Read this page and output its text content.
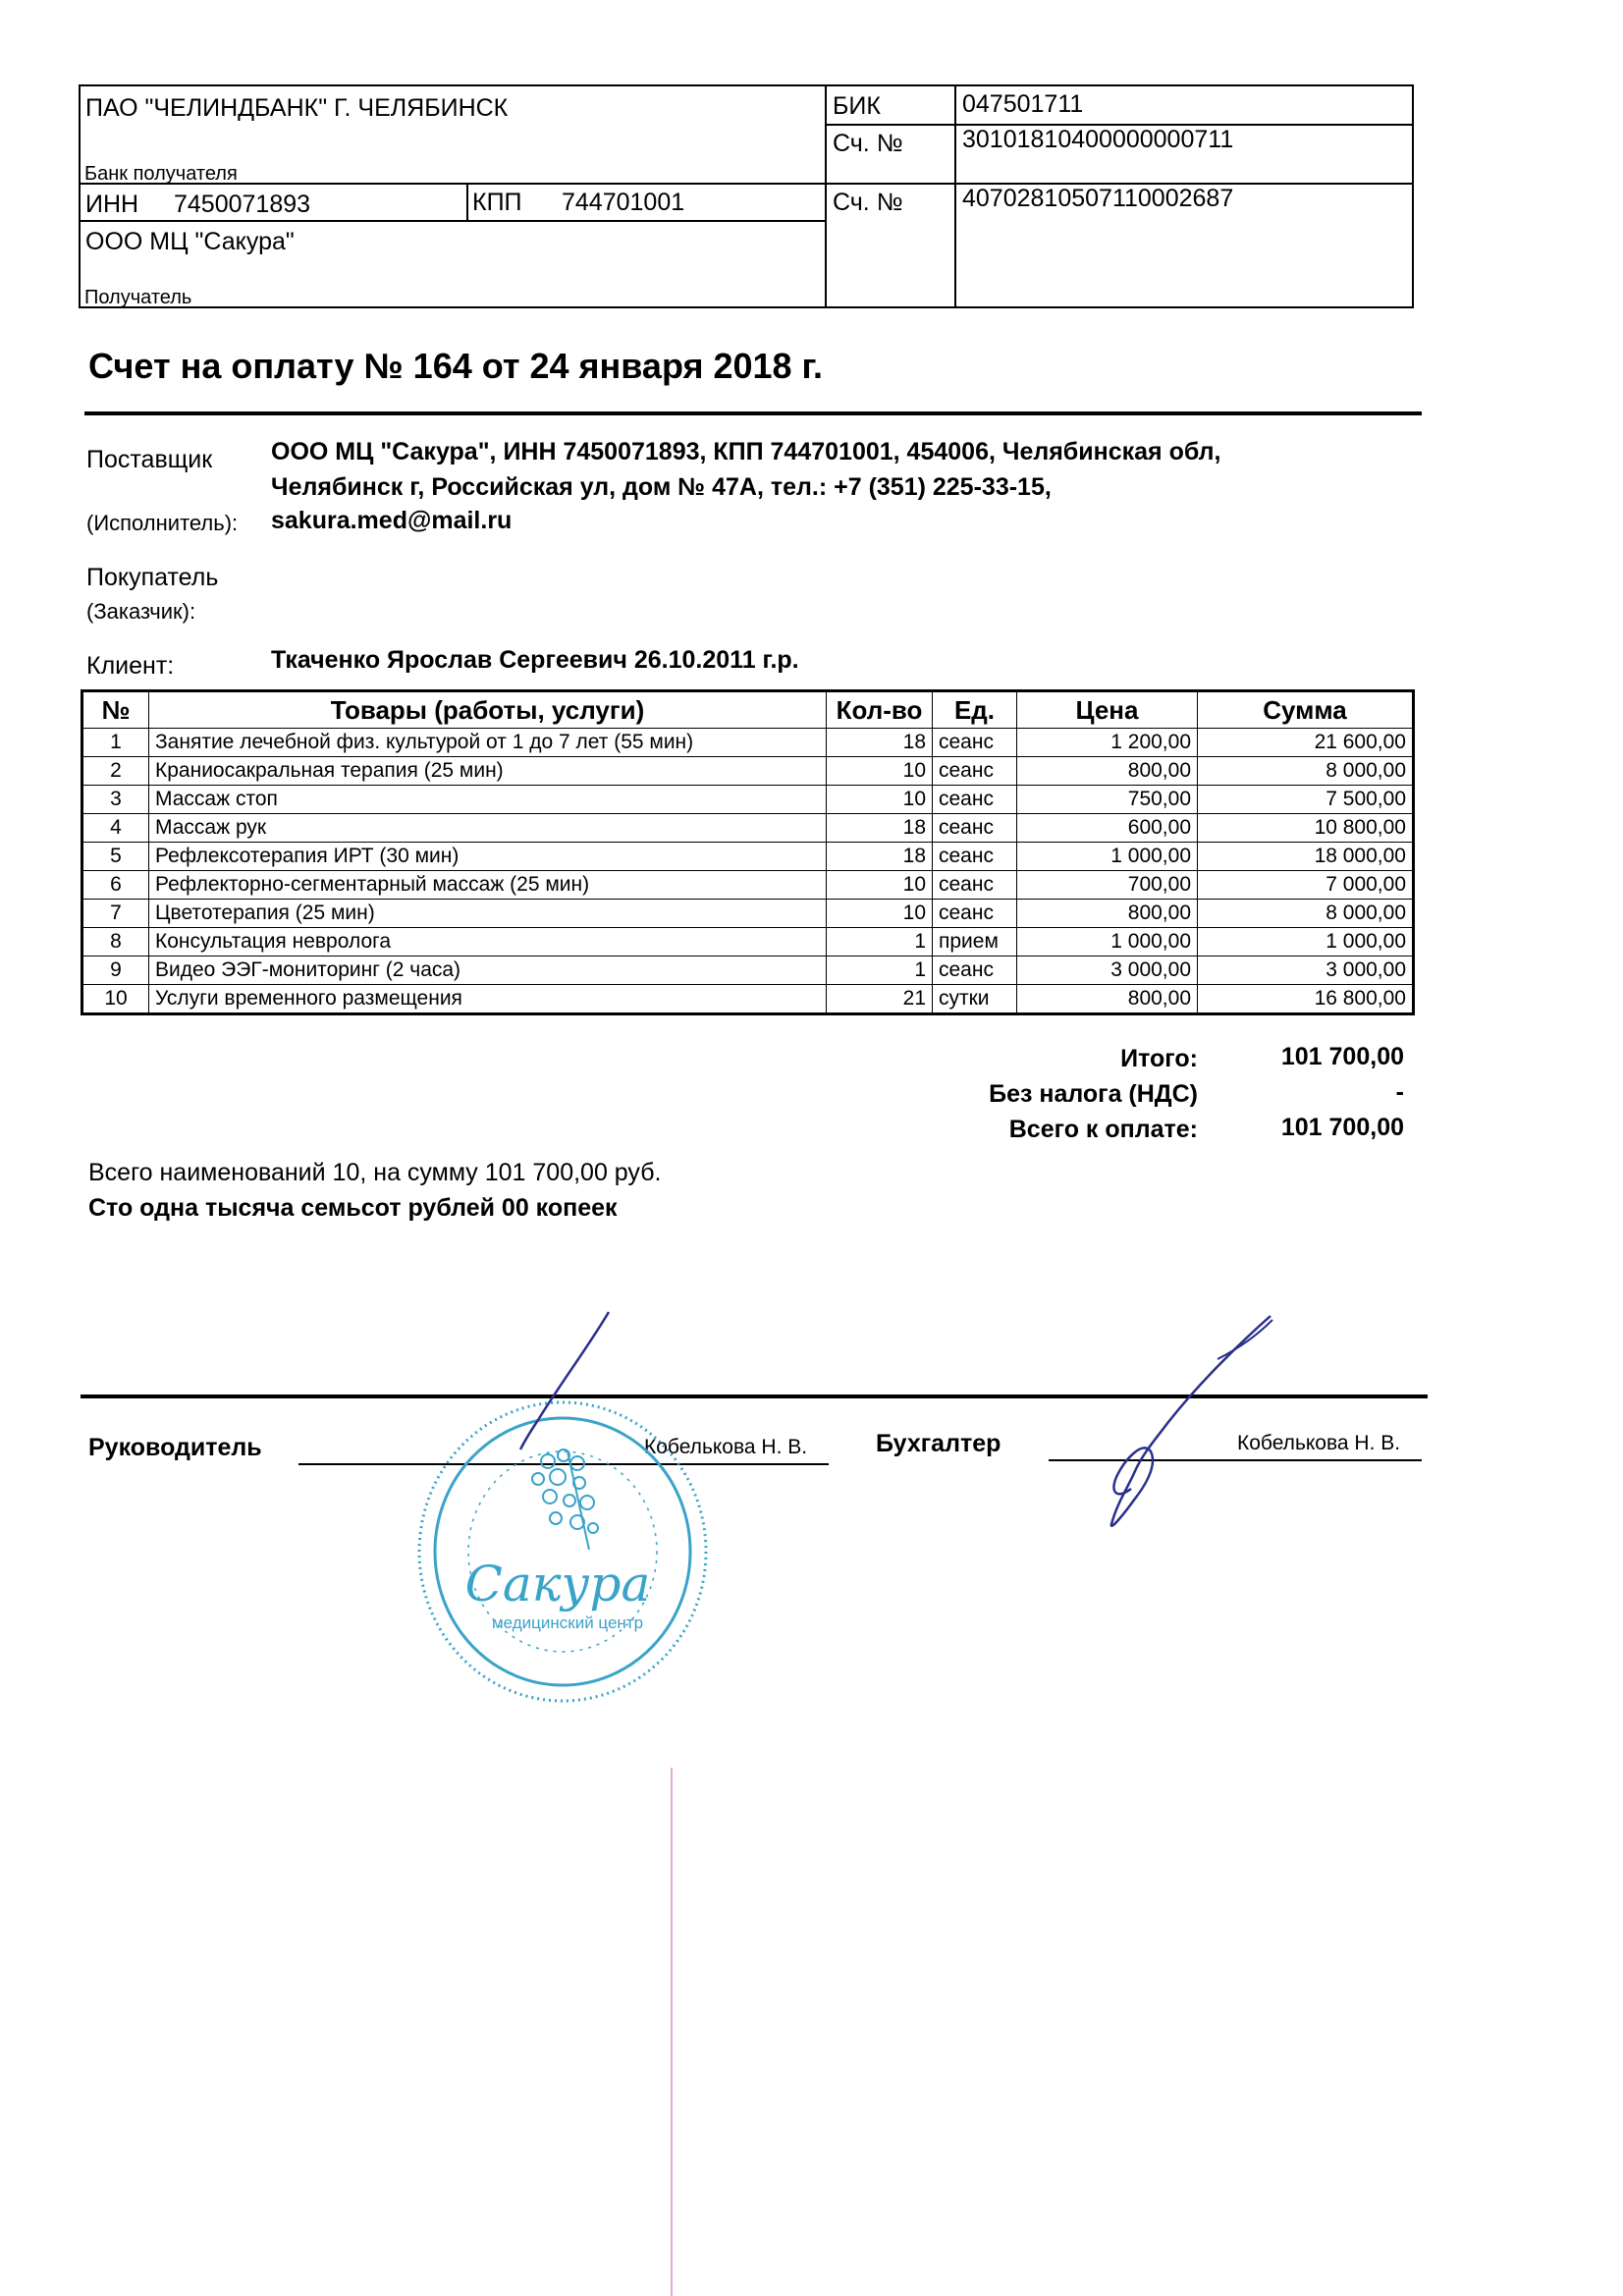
ПАО "ЧЕЛИНДБАНК" Г. ЧЕЛЯБИНСК
Банк получателя
БИК	047501711
Сч. № 30101810400000000711
ИНН 7450071893	КПП 744701001	Сч. № 40702810507110002687
ООО МЦ "Сакура"
Получатель
Счет на оплату № 164 от 24 января 2018 г.
Поставщик
(Исполнитель):
ООО МЦ "Сакура", ИНН 7450071893, КПП 744701001, 454006, Челябинская обл,
Челябинск г, Российская ул, дом № 47А, тел.: +7 (351) 225-33-15,
sakura.med@mail.ru
Покупатель
(Заказчик):
Клиент:	Ткаченко Ярослав Сергеевич 26.10.2011 г.р.
№	Товары (работы, услуги)	Кол-во	Ед.	Цена	Сумма
1	Занятие лечебной физ. культурой от 1 до 7 лет (55 мин)	18	сеанс	1 200,00	21 600,00
2	Краниосакральная терапия (25 мин)	10	сеанс	800,00	8 000,00
3	Массаж стоп	10	сеанс	750,00	7 500,00
4	Массаж рук	18	сеанс	600,00	10 800,00
5	Рефлексотерапия ИРТ (30 мин)	18	сеанс	1 000,00	18 000,00
6	Рефлекторно-сегментарный массаж (25 мин)	10	сеанс	700,00	7 000,00
7	Цветотерапия (25 мин)	10	сеанс	800,00	8 000,00
8	Консультация невролога	1	прием	1 000,00	1 000,00
9	Видео ЭЭГ-мониторинг (2 часа)	1	сеанс	3 000,00	3 000,00
10	Услуги временного размещения	21	сутки	800,00	16 800,00
Итого:	101 700,00
Без налога (НДС)	-
Всего к оплате:	101 700,00
Всего наименований 10, на сумму 101 700,00 руб.
Сто одна тысяча семьсот рублей 00 копеек
Руководитель	Кобелькова Н. В.	Бухгалтер	Кобелькова Н. В.
Сакура
медицинский центр
